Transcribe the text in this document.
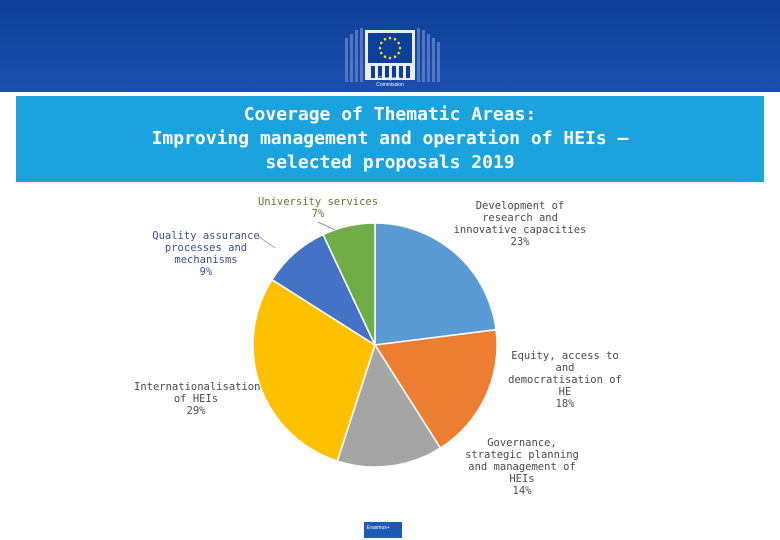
European
Commission
Coverage of Thematic Areas:
Improving management and operation of HEIs –
selected proposals 2019
Development of
research and
innovative capacities
23%
Equity, access to and
democratisation of
HE
18%
Governance,
strategic planning
and management of
HEIs
14%
Internationalisation
of HEIs
29%
Quality assurance
processes and
mechanisms
9%
University services
7%
Erasmus+
